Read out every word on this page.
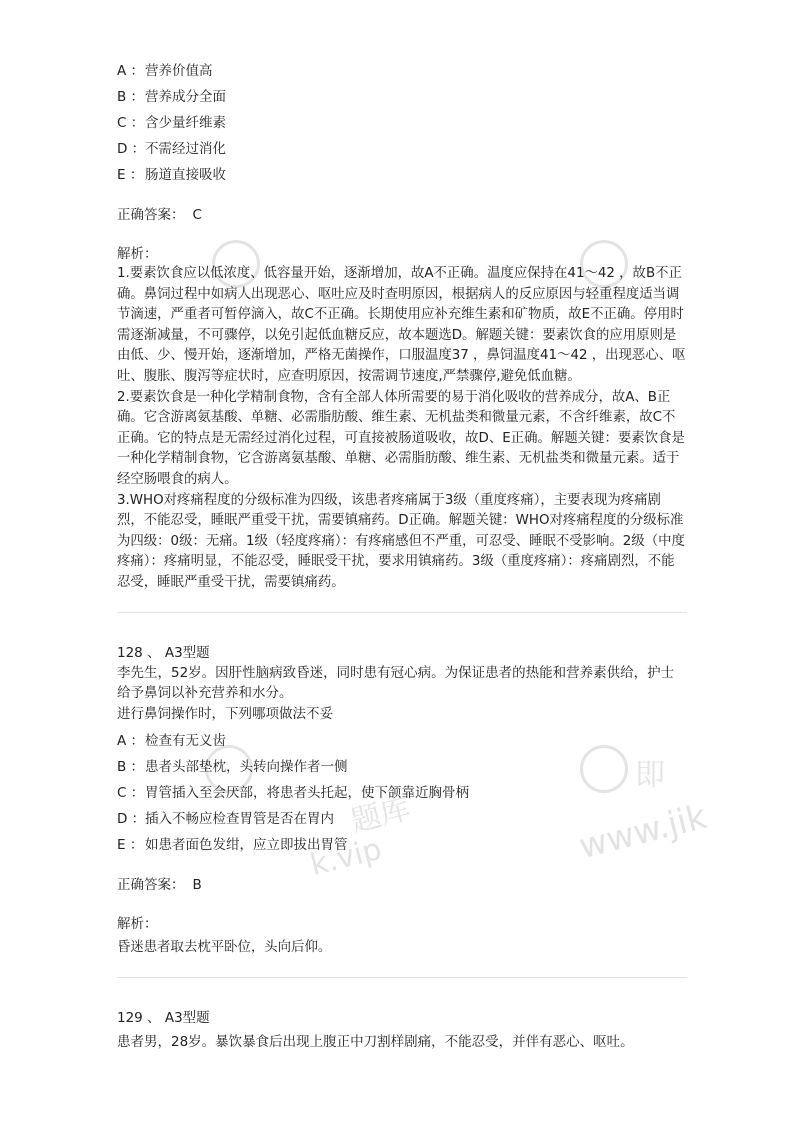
即
www.jik
k.vip
题库
A ：营养价值高
B ：营养成分全面
C ：含少量纤维素
D ：不需经过消化
E ： 肠道直接吸收
正确答案： C
解析：

1.要素饮食应以低浓度、低容量开始，逐渐增加，故A不正确。温度应保持在41～42 ，故B不正确。鼻饲过程中如病人出现恶心、呕吐应及时查明原因，根据病人的反应原因与轻重程度适当调节滴速，严重者可暂停滴入，故C不正确。长期使用应补充维生素和矿物质，故E不正确。停用时需逐渐减量，不可骤停，以免引起低血糖反应，故本题选D。解题关键：要素饮食的应用原则是由低、少、慢开始，逐渐增加，严格无菌操作，口服温度37 ，鼻饲温度41～42 ，出现恶心、呕吐、腹胀、腹泻等症状时，应查明原因，按需调节速度,严禁骤停,避免低血糖。

2.要素饮食是一种化学精制食物，含有全部人体所需要的易于消化吸收的营养成分，故A、B正确。它含游离氨基酸、单糖、必需脂肪酸、维生素、无机盐类和微量元素，不含纤维素，故C不正确。它的特点是无需经过消化过程，可直接被肠道吸收，故D、E正确。解题关键：要素饮食是一种化学精制食物，它含游离氨基酸、单糖、必需脂肪酸、维生素、无机盐类和微量元素。适于经空肠喂食的病人。

3.WHO对疼痛程度的分级标准为四级，该患者疼痛属于3级（重度疼痛），主要表现为疼痛剧烈，不能忍受，睡眠严重受干扰，需要镇痛药。D正确。解题关键：WHO对疼痛程度的分级标准为四级：0级：无痛。1级（轻度疼痛）：有疼痛感但不严重，可忍受、睡眠不受影响。2级（中度疼痛）：疼痛明显，不能忍受，睡眠受干扰，要求用镇痛药。3级（重度疼痛）：疼痛剧烈，不能忍受，睡眠严重受干扰，需要镇痛药。

128 、 A3型题

李先生，52岁。因肝性脑病致昏迷，同时患有冠心病。为保证患者的热能和营养素供给，护士给予鼻饲以补充营养和水分。

进行鼻饲操作时，下列哪项做法不妥

A ：检查有无义齿
B ：患者头部垫枕，头转向操作者一侧
C ：胃管插入至会厌部，将患者头托起，使下颌靠近胸骨柄
D ：插入不畅应检查胃管是否在胃内
E ： 如患者面色发绀，应立即拔出胃管
正确答案： B
解析：

昏迷患者取去枕平卧位，头向后仰。

129 、 A3型题

患者男，28岁。暴饮暴食后出现上腹正中刀割样剧痛，不能忍受，并伴有恶心、呕吐。
